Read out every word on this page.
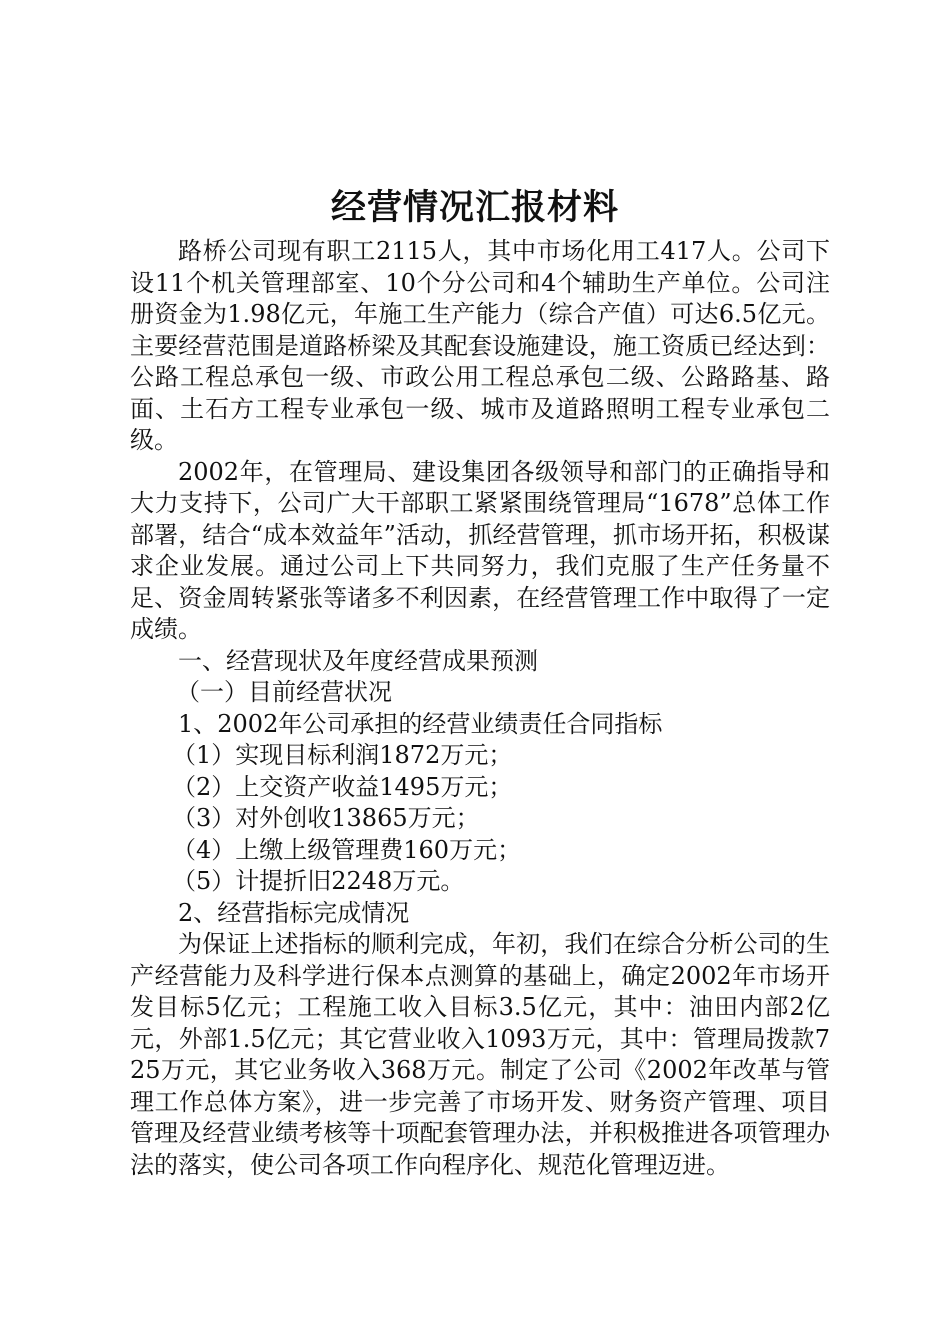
经营情况汇报材料

路桥公司现有职工2115人，其中市场化用工417人。公司下设11个机关管理部室、10个分公司和4个辅助生产单位。公司注册资金为1.98亿元，年施工生产能力（综合产值）可达6.5亿元。主要经营范围是道路桥梁及其配套设施建设，施工资质已经达到：公路工程总承包一级、市政公用工程总承包二级、公路路基、路面、土石方工程专业承包一级、城市及道路照明工程专业承包二级。

2002年，在管理局、建设集团各级领导和部门的正确指导和大力支持下，公司广大干部职工紧紧围绕管理局“1678”总体工作部署，结合“成本效益年”活动，抓经营管理，抓市场开拓，积极谋求企业发展。通过公司上下共同努力，我们克服了生产任务量不足、资金周转紧张等诸多不利因素，在经营管理工作中取得了一定成绩。

一、经营现状及年度经营成果预测

（一）目前经营状况

1、2002年公司承担的经营业绩责任合同指标

（1）实现目标利润1872万元；

（2）上交资产收益1495万元；

（3）对外创收13865万元；

（4）上缴上级管理费160万元；

（5）计提折旧2248万元。

2、经营指标完成情况

为保证上述指标的顺利完成，年初，我们在综合分析公司的生产经营能力及科学进行保本点测算的基础上，确定2002年市场开发目标5亿元；工程施工收入目标3.5亿元，其中：油田内部2亿元，外部1.5亿元；其它营业收入1093万元，其中：管理局拨款725万元，其它业务收入368万元。制定了公司《2002年改革与管理工作总体方案》，进一步完善了市场开发、财务资产管理、项目管理及经营业绩考核等十项配套管理办法，并积极推进各项管理办法的落实，使公司各项工作向程序化、规范化管理迈进。
